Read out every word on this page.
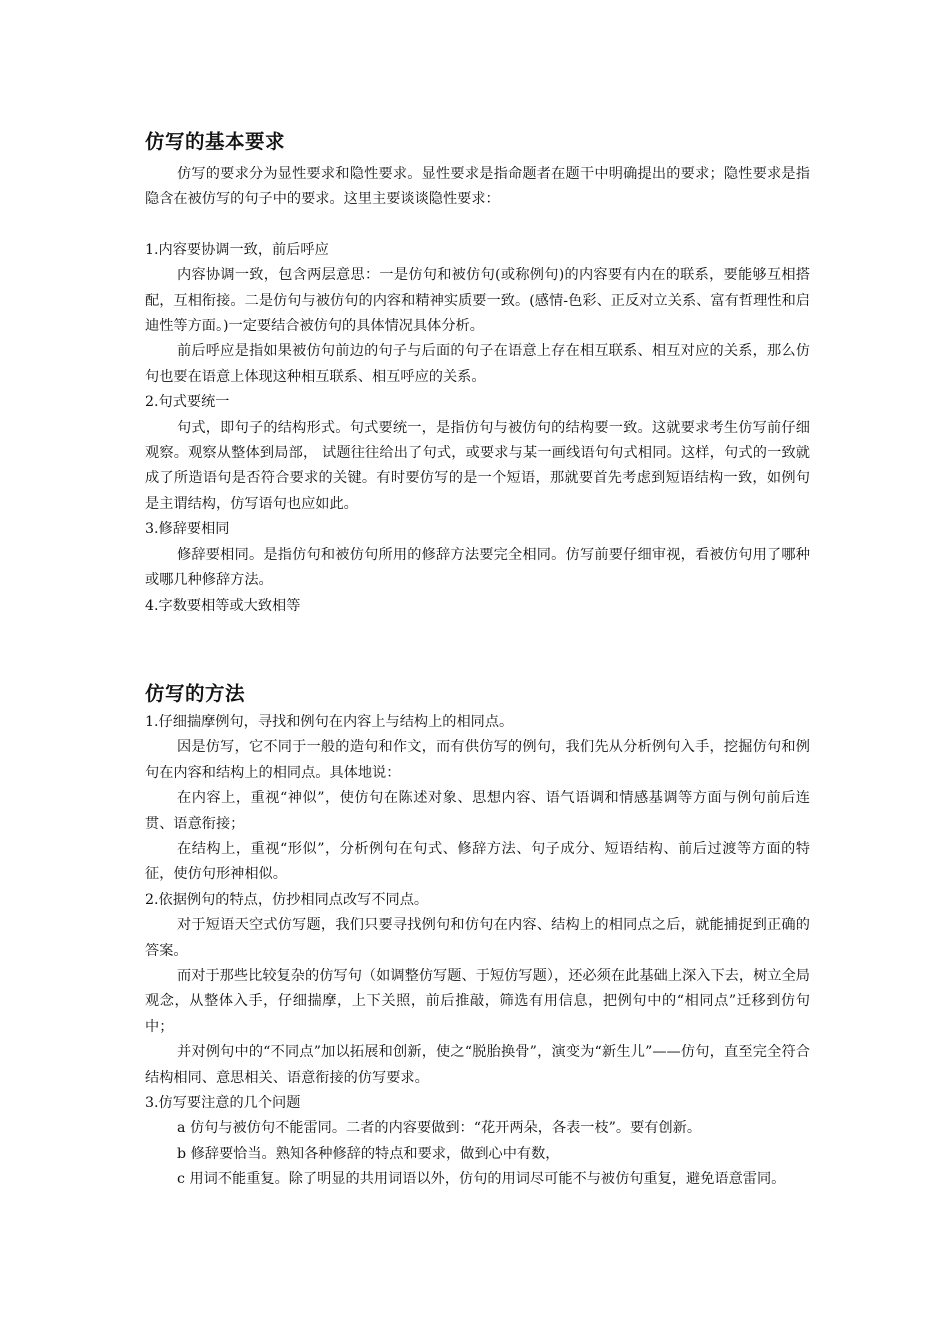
仿写的基本要求

仿写的要求分为显性要求和隐性要求。显性要求是指命题者在题干中明确提出的要求；隐性要求是指隐含在被仿写的句子中的要求。这里主要谈谈隐性要求：

1.内容要协调一致，前后呼应

内容协调一致，包含两层意思：一是仿句和被仿句(或称例句)的内容要有内在的联系，要能够互相搭配，互相衔接。二是仿句与被仿句的内容和精神实质要一致。(感情-色彩、正反对立关系、富有哲理性和启迪性等方面。)一定要结合被仿句的具体情况具体分析。

前后呼应是指如果被仿句前边的句子与后面的句子在语意上存在相互联系、相互对应的关系，那么仿句也要在语意上体现这种相互联系、相互呼应的关系。

2.句式要统一

句式，即句子的结构形式。句式要统一，是指仿句与被仿句的结构要一致。这就要求考生仿写前仔细观察。观察从整体到局部， 试题往往给出了句式，或要求与某一画线语句句式相同。这样，句式的一致就成了所造语句是否符合要求的关键。有时要仿写的是一个短语，那就要首先考虑到短语结构一致，如例句是主谓结构，仿写语句也应如此。

3.修辞要相同

修辞要相同。是指仿句和被仿句所用的修辞方法要完全相同。仿写前要仔细审视，看被仿句用了哪种或哪几种修辞方法。

4.字数要相等或大致相等

仿写的方法

1.仔细揣摩例句，寻找和例句在内容上与结构上的相同点。

因是仿写，它不同于一般的造句和作文，而有供仿写的例句，我们先从分析例句入手，挖掘仿句和例句在内容和结构上的相同点。具体地说：

在内容上，重视“神似”，使仿句在陈述对象、思想内容、语气语调和情感基调等方面与例句前后连贯、语意衔接；

在结构上，重视“形似”，分析例句在句式、修辞方法、句子成分、短语结构、前后过渡等方面的特征，使仿句形神相似。

2.依据例句的特点，仿抄相同点改写不同点。

对于短语天空式仿写题，我们只要寻找例句和仿句在内容、结构上的相同点之后，就能捕捉到正确的答案。

而对于那些比较复杂的仿写句（如调整仿写题、于短仿写题），还必须在此基础上深入下去，树立全局观念，从整体入手，仔细揣摩，上下关照，前后推敲，筛选有用信息，把例句中的“相同点”迁移到仿句中；

并对例句中的“不同点”加以拓展和创新，使之“脱胎换骨”，演变为“新生儿”——仿句，直至完全符合结构相同、意思相关、语意衔接的仿写要求。

3.仿写要注意的几个问题

a 仿句与被仿句不能雷同。二者的内容要做到：“花开两朵，各表一枝”。要有创新。

b 修辞要恰当。熟知各种修辞的特点和要求，做到心中有数，

c 用词不能重复。除了明显的共用词语以外，仿句的用词尽可能不与被仿句重复，避免语意雷同。
